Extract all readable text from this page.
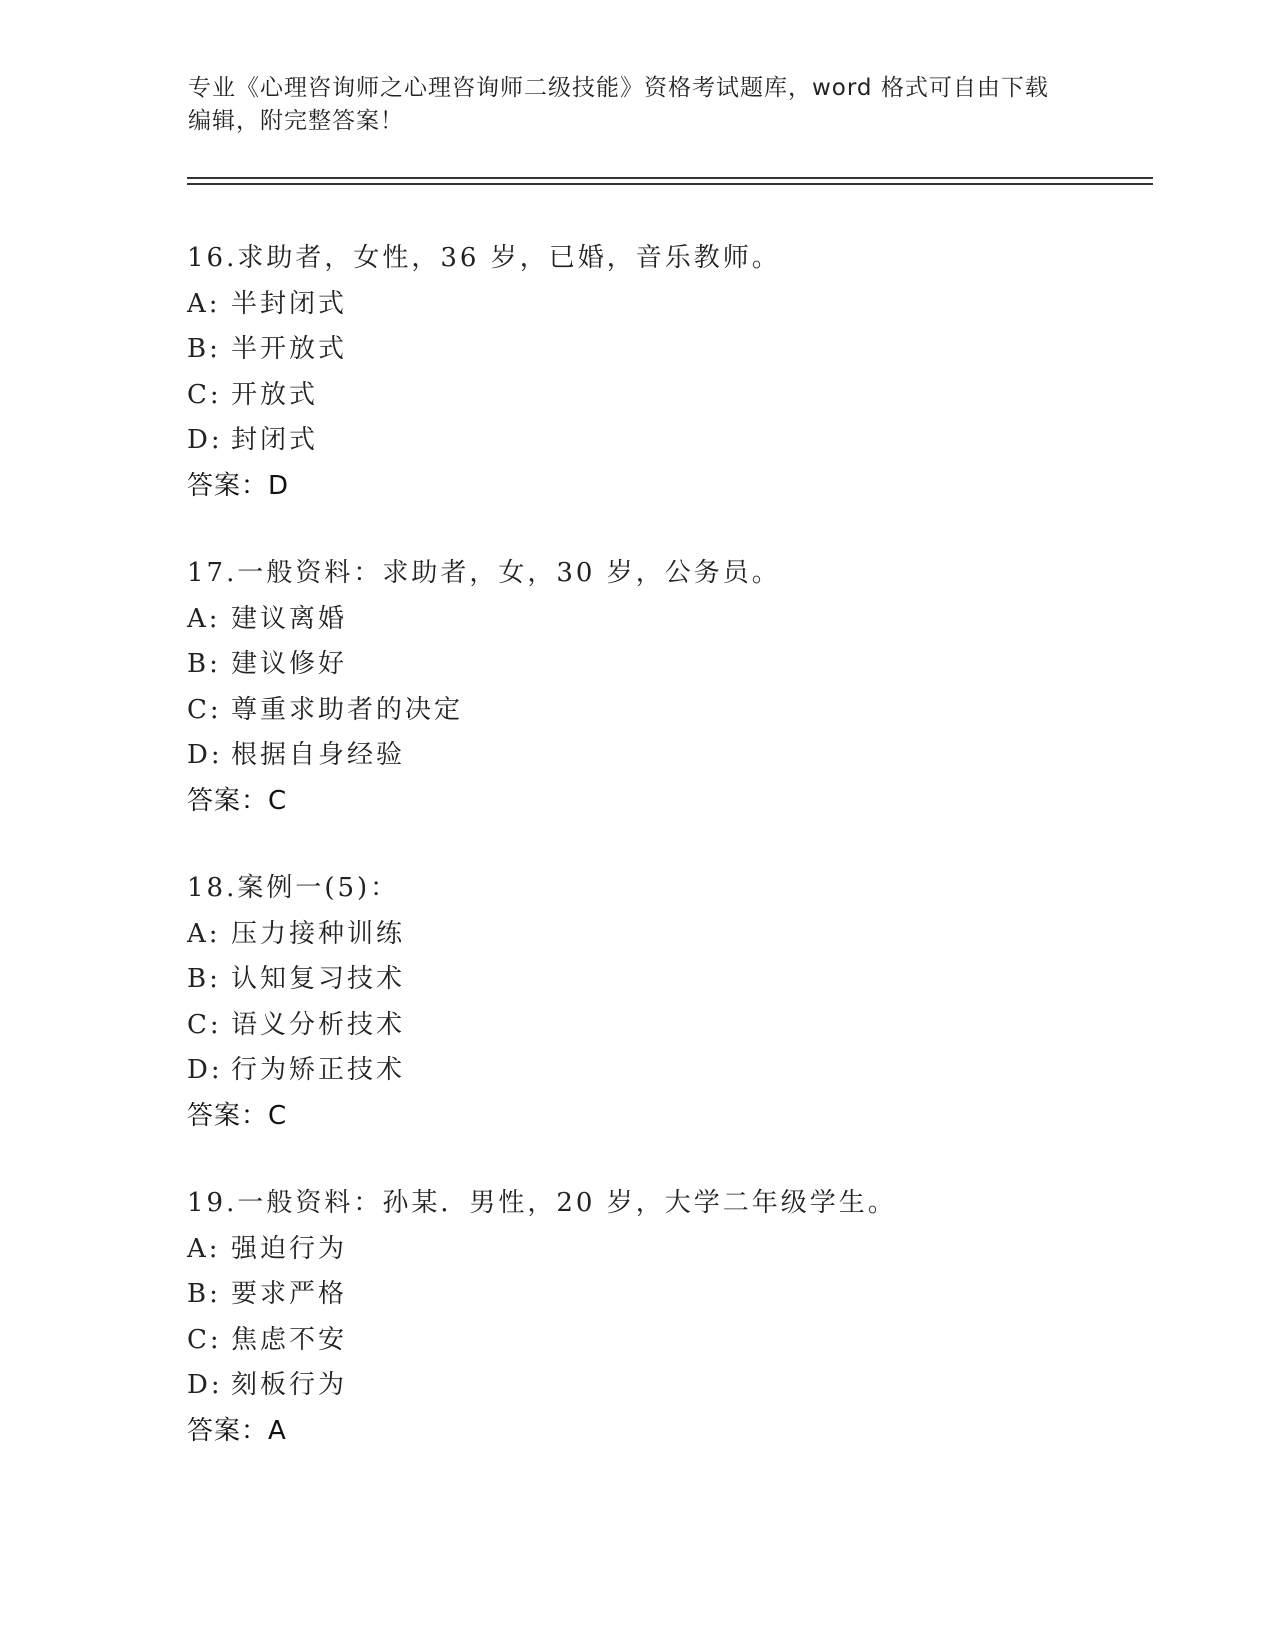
专业《心理咨询师之心理咨询师二级技能》资格考试题库，word 格式可自由下载
编辑，附完整答案！
16.求助者，女性，36 岁，已婚，音乐教师。
A: 半封闭式
B: 半开放式
C: 开放式
D: 封闭式
答案：D
17.一般资料：求助者，女，30 岁，公务员。
A: 建议离婚
B: 建议修好
C: 尊重求助者的决定
D: 根据自身经验
答案：C
18.案例一(5)：
A: 压力接种训练
B: 认知复习技术
C: 语义分析技术
D: 行为矫正技术
答案：C
19.一般资料：孙某．男性，20 岁，大学二年级学生。
A: 强迫行为
B: 要求严格
C: 焦虑不安
D: 刻板行为
答案：A
